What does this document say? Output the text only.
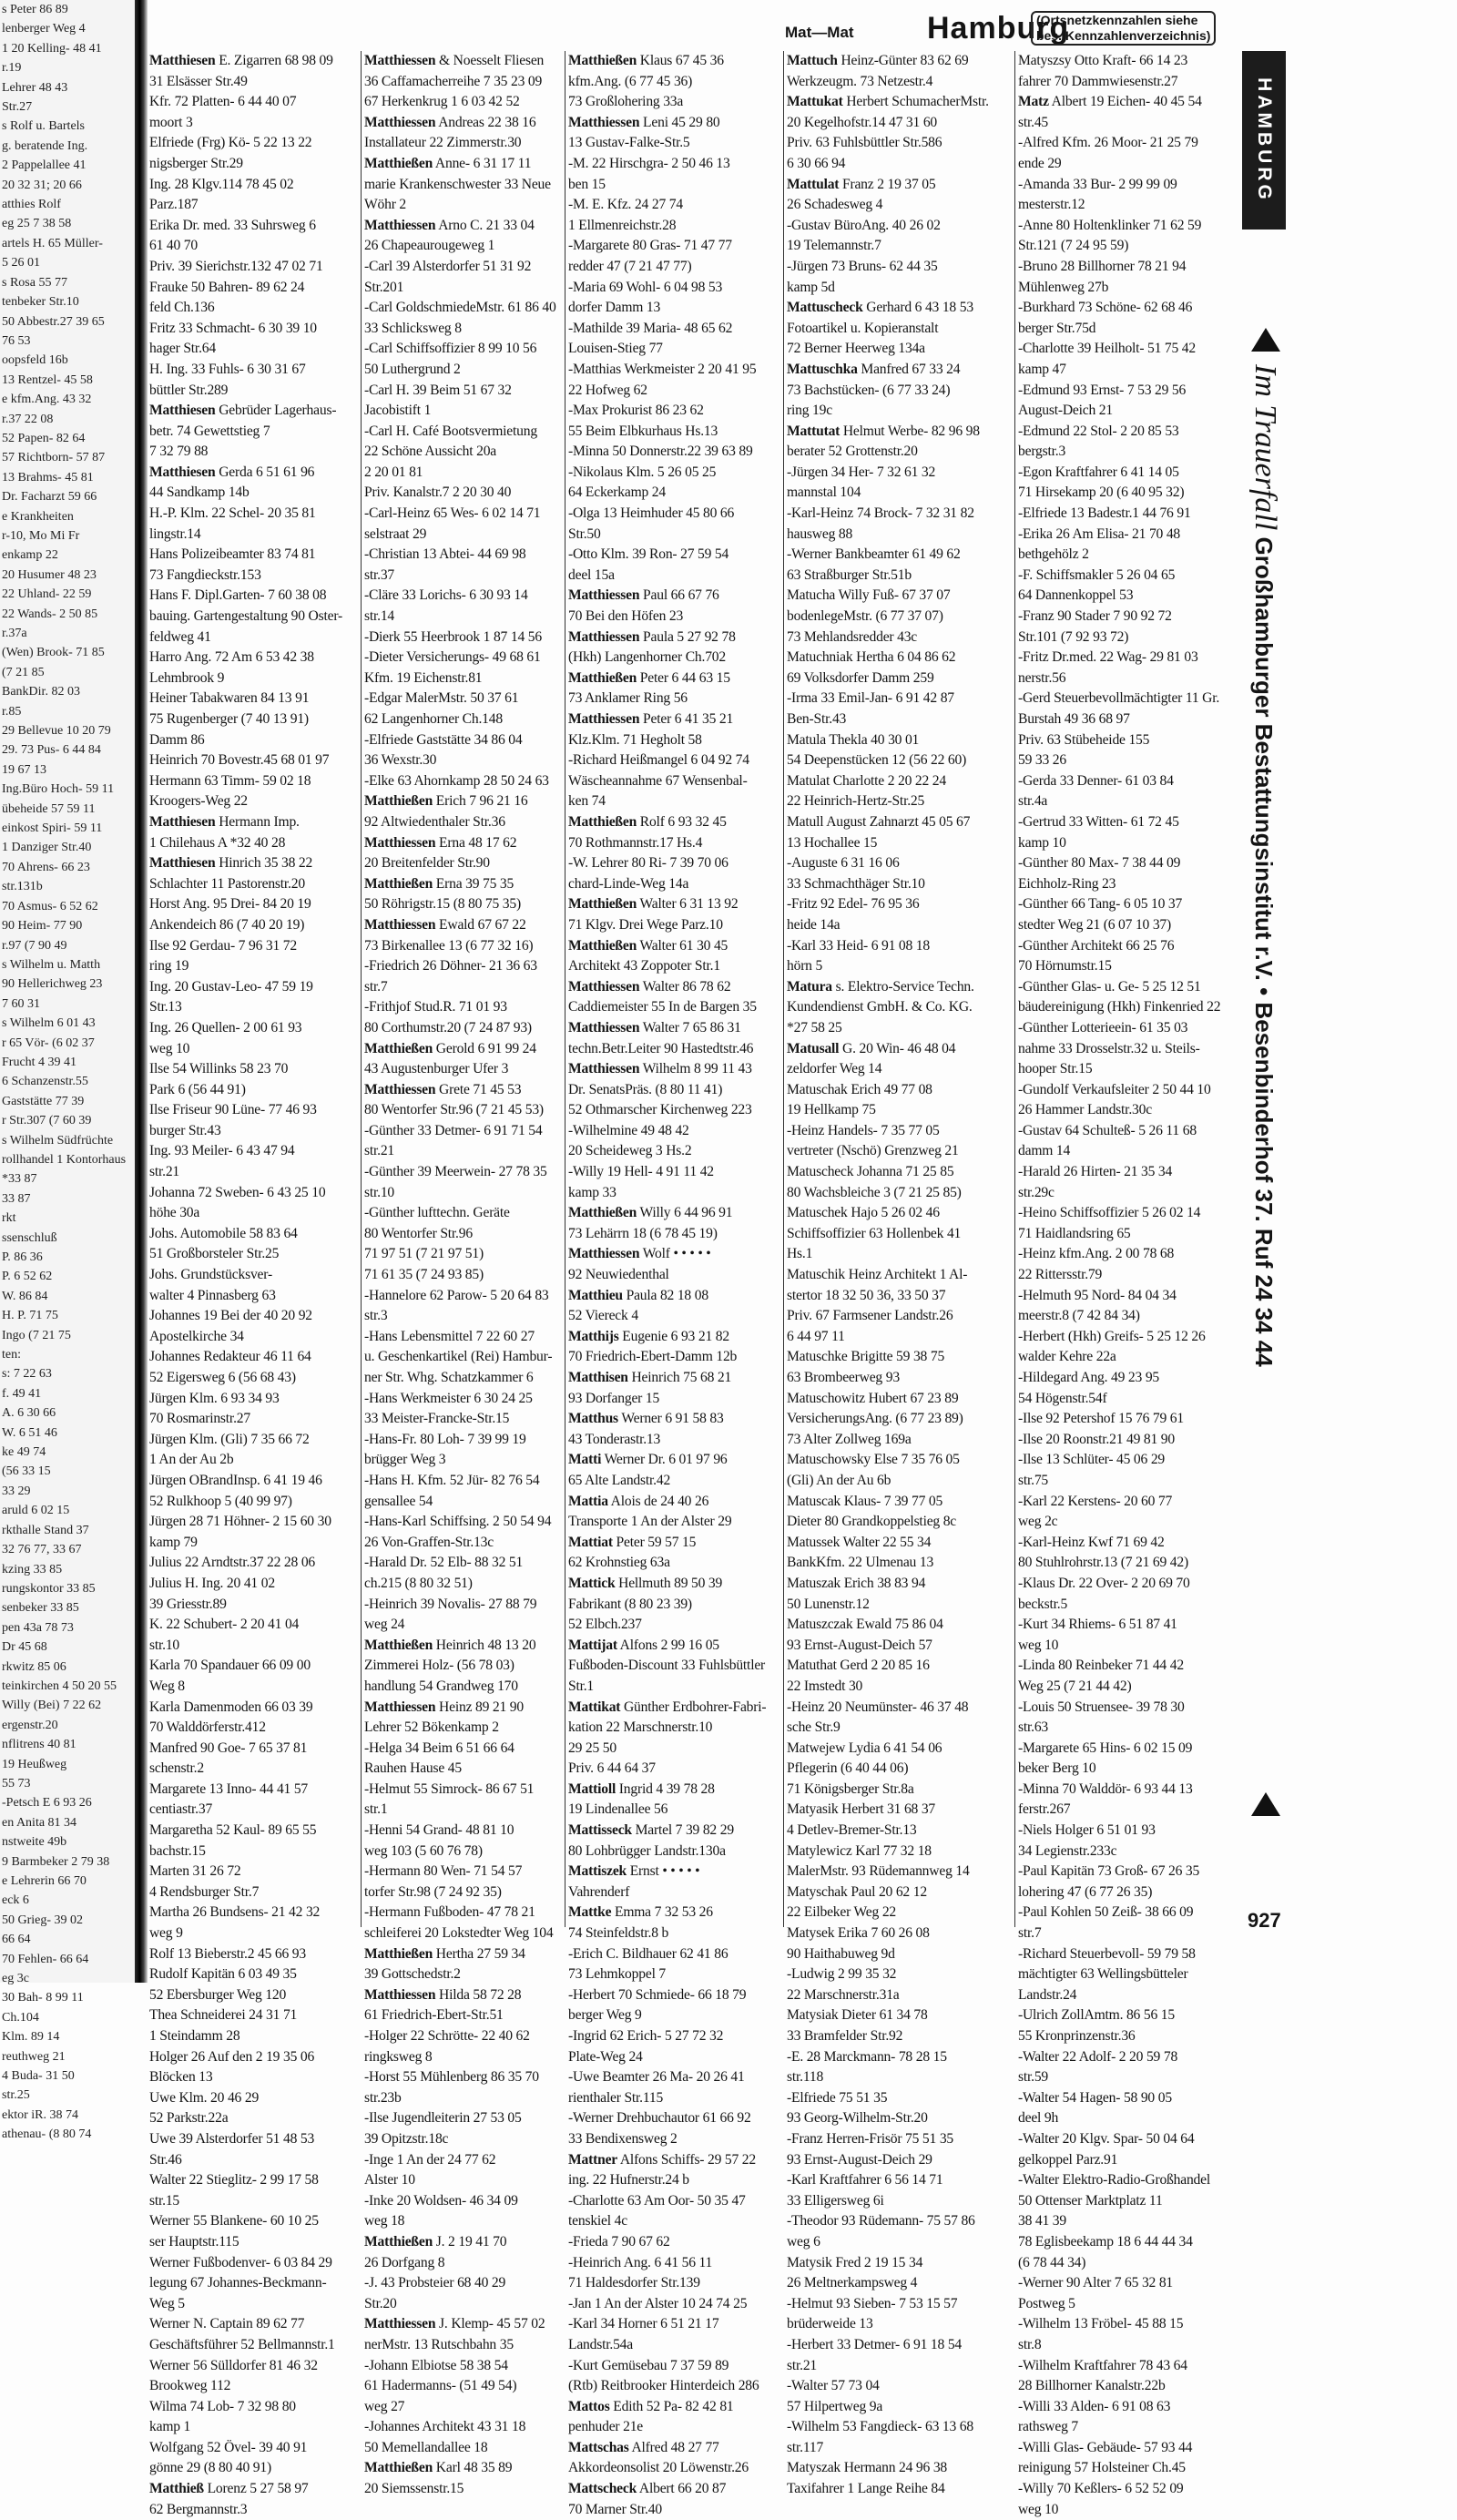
s Peter 86 89
lenberger Weg 4
1 20 Kelling- 48 41
r.19
Lehrer 48 43
Str.27
s Rolf u. Bartels
g. beratende Ing.
2 Pappelallee 41
20 32 31; 20 66
atthies Rolf
eg 25 7 38 58
artels H. 65 Müller-
5 26 01
s Rosa 55 77
tenbeker Str.10
50 Abbestr.27 39 65
76 53
oopsfeld 16b
13 Rentzel- 45 58
e kfm.Ang. 43 32
r.37 22 08
52 Papen- 82 64
57 Richtborn- 57 87
13 Brahms- 45 81
Dr. Facharzt 59 66
e Krankheiten
r-10, Mo Mi Fr
enkamp 22
20 Husumer 48 23
22 Uhland- 22 59
22 Wands- 2 50 85
r.37a
(Wen) Brook- 71 85
(7 21 85
BankDir. 82 03
r.85
29 Bellevue 10 20 79
29. 73 Pus- 6 44 84
19 67 13
Ing.Büro Hoch- 59 11
übeheide 57 59 11
einkost Spiri- 59 11
1 Danziger Str.40
70 Ahrens- 66 23
str.131b
70 Asmus- 6 52 62
90 Heim- 77 90
r.97 (7 90 49
s Wilhelm u. Matth
90 Hellerichweg 23
7 60 31
s Wilhelm 6 01 43
r 65 Vör- (6 02 37
Frucht 4 39 41
6 Schanzenstr.55
Gaststätte 77 39
r Str.307 (7 60 39
s Wilhelm Südfrüchte
rollhandel 1 Kontorhaus
*33 87
33 87
rkt
ssenschluß
P. 86 36
P. 6 52 62
W. 86 84
H. P. 71 75
Ingo (7 21 75
ten:
s: 7 22 63
f. 49 41
A. 6 30 66
W. 6 51 46
ke 49 74
(56 33 15
33 29
aruld 6 02 15
rkthalle Stand 37
32 76 77, 33 67
kzing 33 85
rungskontor 33 85
senbeker 33 85
pen 43a 78 73
Dr 45 68
rkwitz 85 06
teinkirchen 4 50 20 55
Willy (Bei) 7 22 62
ergenstr.20
nflitrens 40 81
19 Heußweg
55 73
-Petsch E 6 93 26
en Anita 81 34
nstweite 49b
9 Barmbeker 2 79 38
e Lehrerin 66 70
eck 6
50 Grieg- 39 02
66 64
70 Fehlen- 66 64
eg 3c
30 Bah- 8 99 11
Ch.104
Klm. 89 14
reuthweg 21
4 Buda- 31 50
str.25
ektor iR. 38 74
athenau- (8 80 74
Mat—Mat Hamburg
(Ortsnetzkennzahlen siehe
bes. Kennzahlenverzeichnis)
HAMBURG
Matthiesen E. Zigarren 68 98 09
31 Elsässer Str.49
Kfr. 72 Platten- 6 44 40 07
moort 3
Elfriede (Frg) Kö- 5 22 13 22
nigsberger Str.29
Ing. 28 Klgv.114 78 45 02
Parz.187
Erika Dr. med. 33 Suhrsweg 6
61 40 70
Priv. 39 Sierichstr.132 47 02 71
Frauke 50 Bahren- 89 62 24
feld Ch.136
Fritz 33 Schmacht- 6 30 39 10
hager Str.64
H. Ing. 33 Fuhls- 6 30 31 67
büttler Str.289
Matthiesen Gebrüder Lagerhaus-
betr. 74 Gewettstieg 7
7 32 79 88
Matthiesen Gerda 6 51 61 96
44 Sandkamp 14b
H.-P. Klm. 22 Schel- 20 35 81
lingstr.14
Hans Polizeibeamter 83 74 81
73 Fangdieckstr.153
Hans F. Dipl.Garten- 7 60 38 08
bauing. Gartengestaltung 90 Oster-
feldweg 41
Harro Ang. 72 Am 6 53 42 38
Lehmbrook 9
Heiner Tabakwaren 84 13 91
75 Rugenberger (7 40 13 91)
Damm 86
Heinrich 70 Bovestr.45 68 01 97
Hermann 63 Timm- 59 02 18
Kroogers-Weg 22
Matthiesen Hermann Imp.
1 Chilehaus A *32 40 28
Matthiesen Hinrich 35 38 22
Schlachter 11 Pastorenstr.20
Horst Ang. 95 Drei- 84 20 19
Ankendeich 86 (7 40 20 19)
Ilse 92 Gerdau- 7 96 31 72
ring 19
Ing. 20 Gustav-Leo- 47 59 19
Str.13
Ing. 26 Quellen- 2 00 61 93
weg 10
Ilse 54 Willinks 58 23 70
Park 6 (56 44 91)
Ilse Friseur 90 Lüne- 77 46 93
burger Str.43
Ing. 93 Meiler- 6 43 47 94
str.21
Johanna 72 Sweben- 6 43 25 10
höhe 30a
Johs. Automobile 58 83 64
51 Großborsteler Str.25
Johs. Grundstücksver-
walter 4 Pinnasberg 63
Johannes 19 Bei der 40 20 92
Apostelkirche 34
Johannes Redakteur 46 11 64
52 Eigersweg 6 (56 68 43)
Jürgen Klm. 6 93 34 93
70 Rosmarinstr.27
Jürgen Klm. (Gli) 7 35 66 72
1 An der Au 2b
Jürgen OBrandInsp. 6 41 19 46
52 Rulkhoop 5 (40 99 97)
Jürgen 28 71 Höhner- 2 15 60 30
kamp 79
Julius 22 Arndtstr.37 22 28 06
Julius H. Ing. 20 41 02
39 Griesstr.89
K. 22 Schubert- 2 20 41 04
str.10
Karla 70 Spandauer 66 09 00
Weg 8
Karla Damenmoden 66 03 39
70 Walddörferstr.412
Manfred 90 Goe- 7 65 37 81
schenstr.2
Margarete 13 Inno- 44 41 57
centiastr.37
Margaretha 52 Kaul- 89 65 55
bachstr.15
Marten 31 26 72
4 Rendsburger Str.7
Martha 26 Bundsens- 21 42 32
weg 9
Rolf 13 Bieberstr.2 45 66 93
Rudolf Kapitän 6 03 49 35
52 Ebersburger Weg 120
Thea Schneiderei 24 31 71
1 Steindamm 28
Holger 26 Auf den 2 19 35 06
Blöcken 13
Uwe Klm. 20 46 29
52 Parkstr.22a
Uwe 39 Alsterdorfer 51 48 53
Str.46
Walter 22 Stieglitz- 2 99 17 58
str.15
Werner 55 Blankene- 60 10 25
ser Hauptstr.115
Werner Fußbodenver- 6 03 84 29
legung 67 Johannes-Beckmann-
Weg 5
Werner N. Captain 89 62 77
Geschäftsführer 52 Bellmannstr.1
Werner 56 Sülldorfer 81 46 32
Brookweg 112
Wilma 74 Lob- 7 32 98 80
kamp 1
Wolfgang 52 Övel- 39 40 91
gönne 29 (8 80 40 91)
Matthieß Lorenz 5 27 58 97
62 Bergmannstr.3
Matthiessen & Noesselt Fliesen
36 Caffamacherreihe 7 35 23 09
67 Herkenkrug 1 6 03 42 52
Matthiessen Andreas 22 38 16
Installateur 22 Zimmerstr.30
Matthießen Anne- 6 31 17 11
marie Krankenschwester 33 Neue
Wöhr 2
Matthiessen Arno C. 21 33 04
26 Chapeaurougeweg 1
-Carl 39 Alsterdorfer 51 31 92
Str.201
-Carl GoldschmiedeMstr. 61 86 40
33 Schlicksweg 8
-Carl Schiffsoffizier 8 99 10 56
50 Luthergrund 2
-Carl H. 39 Beim 51 67 32
Jacobistift 1
-Carl H. Café Bootsvermietung
22 Schöne Aussicht 20a
2 20 01 81
Priv. Kanalstr.7 2 20 30 40
-Carl-Heinz 65 Wes- 6 02 14 71
selstraat 29
-Christian 13 Abtei- 44 69 98
str.37
-Cläre 33 Lorichs- 6 30 93 14
str.14
-Dierk 55 Heerbrook 1 87 14 56
-Dieter Versicherungs- 49 68 61
Kfm. 19 Eichenstr.81
-Edgar MalerMstr. 50 37 61
62 Langenhorner Ch.148
-Elfriede Gaststätte 34 86 04
36 Wexstr.30
-Elke 63 Ahornkamp 28 50 24 63
Matthießen Erich 7 96 21 16
92 Altwiedenthaler Str.36
Matthiessen Erna 48 17 62
20 Breitenfelder Str.90
Matthießen Erna 39 75 35
50 Röhrigstr.15 (8 80 75 35)
Matthiessen Ewald 67 67 22
73 Birkenallee 13 (6 77 32 16)
-Friedrich 26 Döhner- 21 36 63
str.7
-Frithjof Stud.R. 71 01 93
80 Corthumstr.20 (7 24 87 93)
Matthießen Gerold 6 91 99 24
43 Augustenburger Ufer 3
Matthiessen Grete 71 45 53
80 Wentorfer Str.96 (7 21 45 53)
-Günther 33 Detmer- 6 91 71 54
str.21
-Günther 39 Meerwein- 27 78 35
str.10
-Günther lufttechn. Geräte
80 Wentorfer Str.96
71 97 51 (7 21 97 51)
71 61 35 (7 24 93 85)
-Hannelore 62 Parow- 5 20 64 83
str.3
-Hans Lebensmittel 7 22 60 27
u. Geschenkartikel (Rei) Hambur-
ner Str. Whg. Schatzkammer 6
-Hans Werkmeister 6 30 24 25
33 Meister-Francke-Str.15
-Hans-Fr. 80 Loh- 7 39 99 19
brügger Weg 3
-Hans H. Kfm. 52 Jür- 82 76 54
gensallee 54
-Hans-Karl Schiffsing. 2 50 54 94
26 Von-Graffen-Str.13c
-Harald Dr. 52 Elb- 88 32 51
ch.215 (8 80 32 51)
-Heinrich 39 Novalis- 27 88 79
weg 24
Matthießen Heinrich 48 13 20
Zimmerei Holz- (56 78 03)
handlung 54 Grandweg 170
Matthiessen Heinz 89 21 90
Lehrer 52 Bökenkamp 2
-Helga 34 Beim 6 51 66 64
Rauhen Hause 45
-Helmut 55 Simrock- 86 67 51
str.1
-Henni 54 Grand- 48 81 10
weg 103 (5 60 76 78)
-Hermann 80 Wen- 71 54 57
torfer Str.98 (7 24 92 35)
-Hermann Fußboden- 47 78 21
schleiferei 20 Lokstedter Weg 104
Matthießen Hertha 27 59 34
39 Gottschedstr.2
Matthiessen Hilda 58 72 28
61 Friedrich-Ebert-Str.51
-Holger 22 Schrötte- 22 40 62
ringksweg 8
-Horst 55 Mühlenberg 86 35 70
str.23b
-Ilse Jugendleiterin 27 53 05
39 Opitzstr.18c
-Inge 1 An der 24 77 62
Alster 10
-Inke 20 Woldsen- 46 34 09
weg 18
Matthießen J. 2 19 41 70
26 Dorfgang 8
-J. 43 Probsteier 68 40 29
Str.20
Matthiessen J. Klemp- 45 57 02
nerMstr. 13 Rutschbahn 35
-Johann Elbiotse 58 38 54
61 Hadermanns- (51 49 54)
weg 27
-Johannes Architekt 43 31 18
50 Memellandallee 18
Matthießen Karl 48 35 89
20 Siemssenstr.15
Matthießen Klaus 67 45 36
kfm.Ang. (6 77 45 36)
73 Großlohering 33a
Matthiessen Leni 45 29 80
13 Gustav-Falke-Str.5
-M. 22 Hirschgra- 2 50 46 13
ben 15
-M. E. Kfz. 24 27 74
1 Ellmenreichstr.28
-Margarete 80 Gras- 71 47 77
redder 47 (7 21 47 77)
-Maria 69 Wohl- 6 04 98 53
dorfer Damm 13
-Mathilde 39 Maria- 48 65 62
Louisen-Stieg 77
-Matthias Werkmeister 2 20 41 95
22 Hofweg 62
-Max Prokurist 86 23 62
55 Beim Elbkurhaus Hs.13
-Minna 50 Donnerstr.22 39 63 89
-Nikolaus Klm. 5 26 05 25
64 Eckerkamp 24
-Olga 13 Heimhuder 45 80 66
Str.50
-Otto Klm. 39 Ron- 27 59 54
deel 15a
Matthiessen Paul 66 67 76
70 Bei den Höfen 23
Matthiessen Paula 5 27 92 78
(Hkh) Langenhorner Ch.702
Matthießen Peter 6 44 63 15
73 Anklamer Ring 56
Matthiessen Peter 6 41 35 21
Klz.Klm. 71 Hegholt 58
-Richard Heißmangel 6 04 92 74
Wäscheannahme 67 Wensenbal-
ken 74
Matthießen Rolf 6 93 32 45
70 Rothmannstr.17 Hs.4
-W. Lehrer 80 Ri- 7 39 70 06
chard-Linde-Weg 14a
Matthießen Walter 6 31 13 92
71 Klgv. Drei Wege Parz.10
Matthießen Walter 61 30 45
Architekt 43 Zoppoter Str.1
Matthiessen Walter 86 78 62
Caddiemeister 55 In de Bargen 35
Matthiessen Walter 7 65 86 31
techn.Betr.Leiter 90 Hastedtstr.46
Matthiessen Wilhelm 8 99 11 43
Dr. SenatsPräs. (8 80 11 41)
52 Othmarscher Kirchenweg 223
-Wilhelmine 49 48 42
20 Scheideweg 3 Hs.2
-Willy 19 Hell- 4 91 11 42
kamp 33
Matthießen Willy 6 44 96 91
73 Lehärrn 18 (6 78 45 19)
Matthiessen Wolf • • • • •
92 Neuwiedenthal
Matthieu Paula 82 18 08
52 Viereck 4
Matthijs Eugenie 6 93 21 82
70 Friedrich-Ebert-Damm 12b
Matthisen Heinrich 75 68 21
93 Dorfanger 15
Matthus Werner 6 91 58 83
43 Tonderastr.13
Matti Werner Dr. 6 01 97 96
65 Alte Landstr.42
Mattia Alois de 24 40 26
Transporte 1 An der Alster 29
Mattiat Peter 59 57 15
62 Krohnstieg 63a
Mattick Hellmuth 89 50 39
Fabrikant (8 80 23 39)
52 Elbch.237
Mattijat Alfons 2 99 16 05
Fußboden-Discount 33 Fuhlsbüttler
Str.1
Mattikat Günther Erdbohrer-Fabri-
kation 22 Marschnerstr.10
29 25 50
Priv. 6 44 64 37
Mattioll Ingrid 4 39 78 28
19 Lindenallee 56
Mattisseck Martel 7 39 82 29
80 Lohbrügger Landstr.130a
Mattiszek Ernst • • • • •
Vahrenderf
Mattke Emma 7 32 53 26
74 Steinfeldstr.8 b
-Erich C. Bildhauer 62 41 86
73 Lehmkoppel 7
-Herbert 70 Schmiede- 66 18 79
berger Weg 9
-Ingrid 62 Erich- 5 27 72 32
Plate-Weg 24
-Uwe Beamter 26 Ma- 20 26 41
rienthaler Str.115
-Werner Drehbuchautor 61 66 92
33 Bendixensweg 2
Mattner Alfons Schiffs- 29 57 22
ing. 22 Hufnerstr.24 b
-Charlotte 63 Am Oor- 50 35 47
tenskiel 4c
-Frieda 7 90 67 62
-Heinrich Ang. 6 41 56 11
71 Haldesdorfer Str.139
-Jan 1 An der Alster 10 24 74 25
-Karl 34 Horner 6 51 21 17
Landstr.54a
-Kurt Gemüsebau 7 37 59 89
(Rtb) Reitbrooker Hinterdeich 286
Mattos Edith 52 Pa- 82 42 81
penhuder 21e
Mattschas Alfred 48 27 77
Akkordeonsolist 20 Löwenstr.26
Mattscheck Albert 66 20 87
70 Marner Str.40
Mattuch Heinz-Günter 83 62 69
Werkzeugm. 73 Netzestr.4
Mattukat Herbert SchumacherMstr.
20 Kegelhofstr.14 47 31 60
Priv. 63 Fuhlsbüttler Str.586
6 30 66 94
Mattulat Franz 2 19 37 05
26 Schadesweg 4
-Gustav BüroAng. 40 26 02
19 Telemannstr.7
-Jürgen 73 Bruns- 62 44 35
kamp 5d
Mattuscheck Gerhard 6 43 18 53
Fotoartikel u. Kopieranstalt
72 Berner Heerweg 134a
Mattuschka Manfred 67 33 24
73 Bachstücken- (6 77 33 24)
ring 19c
Mattutat Helmut Werbe- 82 96 98
berater 52 Grottenstr.20
-Jürgen 34 Her- 7 32 61 32
mannstal 104
-Karl-Heinz 74 Brock- 7 32 31 82
hausweg 88
-Werner Bankbeamter 61 49 62
63 Straßburger Str.51b
Matucha Willy Fuß- 67 37 07
bodenlegeMstr. (6 77 37 07)
73 Mehlandsredder 43c
Matuchniak Hertha 6 04 86 62
69 Volksdorfer Damm 259
-Irma 33 Emil-Jan- 6 91 42 87
Ben-Str.43
Matula Thekla 40 30 01
54 Deepenstücken 12 (56 22 60)
Matulat Charlotte 2 20 22 24
22 Heinrich-Hertz-Str.25
Matull August Zahnarzt 45 05 67
13 Hochallee 15
-Auguste 6 31 16 06
33 Schmachthäger Str.10
-Fritz 92 Edel- 76 95 36
heide 14a
-Karl 33 Heid- 6 91 08 18
hörn 5
Matura s. Elektro-Service Techn.
Kundendienst GmbH. & Co. KG.
*27 58 25
Matusall G. 20 Win- 46 48 04
zeldorfer Weg 14
Matuschak Erich 49 77 08
19 Hellkamp 75
-Heinz Handels- 7 35 77 05
vertreter (Nschö) Grenzweg 21
Matuscheck Johanna 71 25 85
80 Wachsbleiche 3 (7 21 25 85)
Matuschek Hajo 5 26 02 46
Schiffsoffizier 63 Hollenbek 41
Hs.1
Matuschik Heinz Architekt 1 Al-
stertor 18 32 50 36, 33 50 37
Priv. 67 Farmsener Landstr.26
6 44 97 11
Matuschke Brigitte 59 38 75
63 Brombeerweg 93
Matuschowitz Hubert 67 23 89
VersicherungsAng. (6 77 23 89)
73 Alter Zollweg 169a
Matuschowsky Else 7 35 76 05
(Gli) An der Au 6b
Matuscak Klaus- 7 39 77 05
Dieter 80 Grandkoppelstieg 8c
Matussek Walter 22 55 34
BankKfm. 22 Ulmenau 13
Matuszak Erich 38 83 94
50 Lunenstr.12
Matuszczak Ewald 75 86 04
93 Ernst-August-Deich 57
Matuthat Gerd 2 20 85 16
22 Imstedt 30
-Heinz 20 Neumünster- 46 37 48
sche Str.9
Matwejew Lydia 6 41 54 06
Pflegerin (6 40 44 06)
71 Königsberger Str.8a
Matyasik Herbert 31 68 37
4 Detlev-Bremer-Str.13
Matylewicz Karl 77 32 18
MalerMstr. 93 Rüdemannweg 14
Matyschak Paul 20 62 12
22 Eilbeker Weg 22
Matysek Erika 7 60 26 08
90 Haithabuweg 9d
-Ludwig 2 99 35 32
22 Marschnerstr.31a
Matysiak Dieter 61 34 78
33 Bramfelder Str.92
-E. 28 Marckmann- 78 28 15
str.118
-Elfriede 75 51 35
93 Georg-Wilhelm-Str.20
-Franz Herren-Frisör 75 51 35
93 Ernst-August-Deich 29
-Karl Kraftfahrer 6 56 14 71
33 Elligersweg 6i
-Theodor 93 Rüdemann- 75 57 86
weg 6
Matysik Fred 2 19 15 34
26 Meltnerkampsweg 4
-Helmut 93 Sieben- 7 53 15 57
brüderweide 13
-Herbert 33 Detmer- 6 91 18 54
str.21
-Walter 57 73 04
57 Hilpertweg 9a
-Wilhelm 53 Fangdieck- 63 13 68
str.117
Matyszak Hermann 24 96 38
Taxifahrer 1 Lange Reihe 84
Matyszsy Otto Kraft- 66 14 23
fahrer 70 Dammwiesenstr.27
Matz Albert 19 Eichen- 40 45 54
str.45
-Alfred Kfm. 26 Moor- 21 25 79
ende 29
-Amanda 33 Bur- 2 99 99 09
mesterstr.12
-Anne 80 Holtenklinker 71 62 59
Str.121 (7 24 95 59)
-Bruno 28 Billhorner 78 21 94
Mühlenweg 27b
-Burkhard 73 Schöne- 62 68 46
berger Str.75d
-Charlotte 39 Heilholt- 51 75 42
kamp 47
-Edmund 93 Ernst- 7 53 29 56
August-Deich 21
-Edmund 22 Stol- 2 20 85 53
bergstr.3
-Egon Kraftfahrer 6 41 14 05
71 Hirsekamp 20 (6 40 95 32)
-Elfriede 13 Badestr.1 44 76 91
-Erika 26 Am Elisa- 21 70 48
bethgehölz 2
-F. Schiffsmakler 5 26 04 65
64 Dannenkoppel 53
-Franz 90 Stader 7 90 92 72
Str.101 (7 92 93 72)
-Fritz Dr.med. 22 Wag- 29 81 03
nerstr.56
-Gerd Steuerbevollmächtigter 11 Gr.
Burstah 49 36 68 97
Priv. 63 Stübeheide 155
59 33 26
-Gerda 33 Denner- 61 03 84
str.4a
-Gertrud 33 Witten- 61 72 45
kamp 10
-Günther 80 Max- 7 38 44 09
Eichholz-Ring 23
-Günther 66 Tang- 6 05 10 37
stedter Weg 21 (6 07 10 37)
-Günther Architekt 66 25 76
70 Hörnumstr.15
-Günther Glas- u. Ge- 5 25 12 51
bäudereinigung (Hkh) Finkenried 22
-Günther Lotterieein- 61 35 03
nahme 33 Drosselstr.32 u. Steils-
hooper Str.15
-Gundolf Verkaufsleiter 2 50 44 10
26 Hammer Landstr.30c
-Gustav 64 Schulteß- 5 26 11 68
damm 14
-Harald 26 Hirten- 21 35 34
str.29c
-Heino Schiffsoffizier 5 26 02 14
71 Haidlandsring 65
-Heinz kfm.Ang. 2 00 78 68
22 Rittersstr.79
-Helmuth 95 Nord- 84 04 34
meerstr.8 (7 42 84 34)
-Herbert (Hkh) Greifs- 5 25 12 26
walder Kehre 22a
-Hildegard Ang. 49 23 95
54 Högenstr.54f
-Ilse 92 Petershof 15 76 79 61
-Ilse 20 Roonstr.21 49 81 90
-Ilse 13 Schlüter- 45 06 29
str.75
-Karl 22 Kerstens- 20 60 77
weg 2c
-Karl-Heinz Kwf 71 69 42
80 Stuhlrohrstr.13 (7 21 69 42)
-Klaus Dr. 22 Over- 2 20 69 70
beckstr.5
-Kurt 34 Rhiems- 6 51 87 41
weg 10
-Linda 80 Reinbeker 71 44 42
Weg 25 (7 21 44 42)
-Louis 50 Struensee- 39 78 30
str.63
-Margarete 65 Hins- 6 02 15 09
beker Berg 10
-Minna 70 Walddör- 6 93 44 13
ferstr.267
-Niels Holger 6 51 01 93
34 Legienstr.233c
-Paul Kapitän 73 Groß- 67 26 35
lohering 47 (6 77 26 35)
-Paul Kohlen 50 Zeiß- 38 66 09
str.7
-Richard Steuerbevoll- 59 79 58
mächtigter 63 Wellingsbütteler
Landstr.24
-Ulrich ZollAmtm. 86 56 15
55 Kronprinzenstr.36
-Walter 22 Adolf- 2 20 59 78
str.59
-Walter 54 Hagen- 58 90 05
deel 9h
-Walter 20 Klgv. Spar- 50 04 64
gelkoppel Parz.91
-Walter Elektro-Radio-Großhandel
50 Ottenser Marktplatz 11
38 41 39
78 Eglisbeekamp 18 6 44 44 34
(6 78 44 34)
-Werner 90 Alter 7 65 32 81
Postweg 5
-Wilhelm 13 Fröbel- 45 88 15
str.8
-Wilhelm Kraftfahrer 78 43 64
28 Billhorner Kanalstr.22b
-Willi 33 Alden- 6 91 08 63
rathsweg 7
-Willi Glas- Gebäude- 57 93 44
reinigung 57 Holsteiner Ch.45
-Willy 70 Keßlers- 6 52 52 09
weg 10
Im Trauerfall Großhamburger Bestattungsinstitut r.V. • Besenbinderhof 37. Ruf 24 34 44
927
